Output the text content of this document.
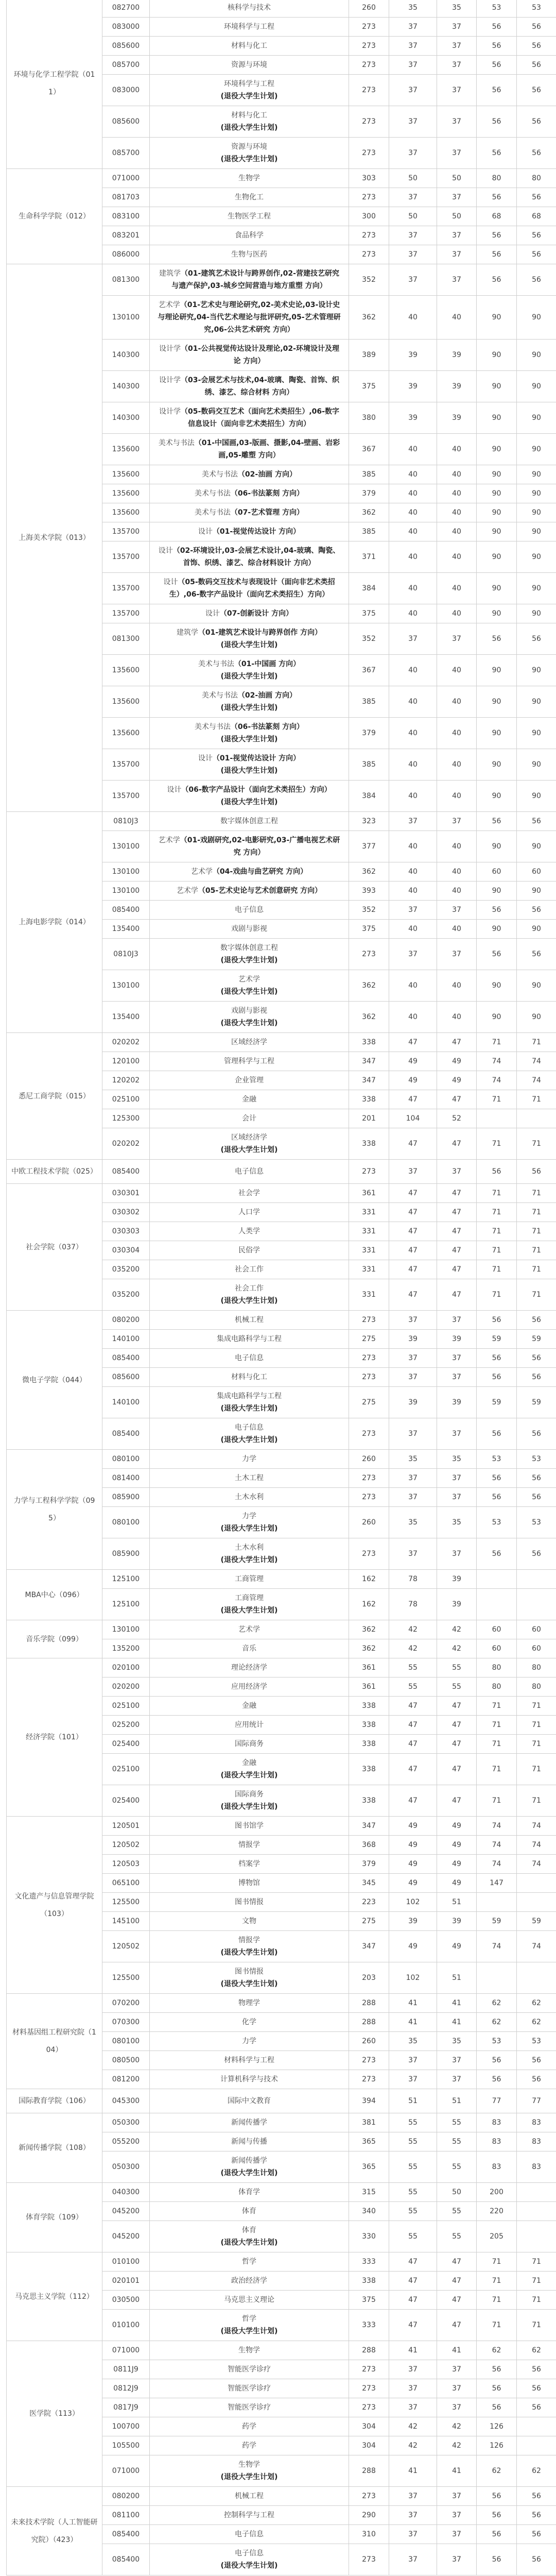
环境与化学工程学院（011）	082700	核科学与技术	260	35	35	53	53
083000	环境科学与工程	273	37	37	56	56
085600	材料与化工	273	37	37	56	56
085700	资源与环境	273	37	37	56	56
083000	环境科学与工程
(退役大学生计划)	273	37	37	56	56
085600	材料与化工
(退役大学生计划)	273	37	37	56	56
085700	资源与环境
(退役大学生计划)	273	37	37	56	56
生命科学学院（012）	071000	生物学	303	50	50	80	80
081703	生物化工	273	37	37	56	56
083100	生物医学工程	300	50	50	68	68
083201	食品科学	273	37	37	56	56
086000	生物与医药	273	37	37	56	56
上海美术学院（013）	081300	建筑学（01-建筑艺术设计与跨界创作,02-营建技艺研究与遗产保护,03-城乡空间营造与地方重塑 方向）	352	37	37	56	56
130100	艺术学（01-艺术史与理论研究,02-美术史论,03-设计史与理论研究,04-当代艺术理论与批评研究,05-艺术管理研究,06-公共艺术研究 方向）	362	40	40	90	90
140300	设计学（01-公共视觉传达设计及理论,02-环境设计及理论 方向）	389	39	39	90	90
140300	设计学（03-会展艺术与技术,04-玻璃、陶瓷、首饰、织绣、漆艺、综合材料 方向）	375	39	39	90	90
140300	设计学（05-数码交互艺术（面向艺术类招生）,06-数字信息设计（面向非艺术类招生）方向）	380	39	39	90	90
135600	美术与书法（01-中国画,03-版画、摄影,04-壁画、岩彩画,05-雕塑 方向）	367	40	40	90	90
135600	美术与书法（02-油画 方向）	385	40	40	90	90
135600	美术与书法（06-书法篆刻 方向）	379	40	40	90	90
135600	美术与书法（07-艺术管理 方向）	362	40	40	90	90
135700	设计（01-视觉传达设计 方向）	385	40	40	90	90
135700	设计（02-环境设计,03-会展艺术设计,04-玻璃、陶瓷、首饰、织绣、漆艺、综合材料设计 方向）	371	40	40	90	90
135700	设计（05-数码交互技术与表现设计（面向非艺术类招生）,06-数字产品设计（面向艺术类招生）方向）	384	40	40	90	90
135700	设计（07-创新设计 方向）	375	40	40	90	90
081300	建筑学（01-建筑艺术设计与跨界创作 方向）
(退役大学生计划)	352	37	37	56	56
135600	美术与书法（01-中国画 方向）
(退役大学生计划)	367	40	40	90	90
135600	美术与书法（02-油画 方向）
(退役大学生计划)	385	40	40	90	90
135600	美术与书法（06-书法篆刻 方向）
(退役大学生计划)	379	40	40	90	90
135700	设计（01-视觉传达设计 方向）
(退役大学生计划)	385	40	40	90	90
135700	设计（06-数字产品设计（面向艺术类招生）方向）
(退役大学生计划)	384	40	40	90	90
上海电影学院（014）	0810J3	数字媒体创意工程	323	37	37	56	56
130100	艺术学（01-戏剧研究,02-电影研究,03-广播电视艺术研究 方向）	377	40	40	90	90
130100	艺术学（04-戏曲与曲艺研究 方向）	362	40	40	60	60
130100	艺术学（05-艺术史论与艺术创意研究 方向）	393	40	40	90	90
085400	电子信息	352	37	37	56	56
135400	戏剧与影视	375	40	40	90	90
0810J3	数字媒体创意工程
(退役大学生计划)	273	37	37	56	56
130100	艺术学
(退役大学生计划)	362	40	40	90	90
135400	戏剧与影视
(退役大学生计划)	362	40	40	90	90
悉尼工商学院（015）	020202	区域经济学	338	47	47	71	71
120100	管理科学与工程	347	49	49	74	74
120202	企业管理	347	49	49	74	74
025100	金融	338	47	47	71	71
125300	会计	201	104	52		
020202	区域经济学
(退役大学生计划)	338	47	47	71	71
中欧工程技术学院（025）	085400	电子信息	273	37	37	56	56
社会学院（037）	030301	社会学	361	47	47	71	71
030302	人口学	331	47	47	71	71
030303	人类学	331	47	47	71	71
030304	民俗学	331	47	47	71	71
035200	社会工作	331	47	47	71	71
035200	社会工作
(退役大学生计划)	331	47	47	71	71
微电子学院（044）	080200	机械工程	273	37	37	56	56
140100	集成电路科学与工程	275	39	39	59	59
085400	电子信息	273	37	37	56	56
085600	材料与化工	273	37	37	56	56
140100	集成电路科学与工程
(退役大学生计划)	275	39	39	59	59
085400	电子信息
(退役大学生计划)	273	37	37	56	56
力学与工程科学学院（095）	080100	力学	260	35	35	53	53
081400	土木工程	273	37	37	56	56
085900	土木水利	273	37	37	56	56
080100	力学
(退役大学生计划)	260	35	35	53	53
085900	土木水利
(退役大学生计划)	273	37	37	56	56
MBA中心（096）	125100	工商管理	162	78	39		
125100	工商管理
(退役大学生计划)	162	78	39		
音乐学院（099）	130100	艺术学	362	42	42	60	60
135200	音乐	362	42	42	60	60
经济学院（101）	020100	理论经济学	361	55	55	80	80
020200	应用经济学	361	55	55	80	80
025100	金融	338	47	47	71	71
025200	应用统计	338	47	47	71	71
025400	国际商务	338	47	47	71	71
025100	金融
(退役大学生计划)	338	47	47	71	71
025400	国际商务
(退役大学生计划)	338	47	47	71	71
文化遗产与信息管理学院（103）	120501	图书馆学	347	49	49	74	74
120502	情报学	368	49	49	74	74
120503	档案学	379	49	49	74	74
065100	博物馆	345	49	49	147	
125500	图书情报	223	102	51		
145100	文物	275	39	39	59	59
120502	情报学
(退役大学生计划)	347	49	49	74	74
125500	图书情报
(退役大学生计划)	203	102	51		
材料基因组工程研究院（104）	070200	物理学	288	41	41	62	62
070300	化学	288	41	41	62	62
080100	力学	260	35	35	53	53
080500	材料科学与工程	273	37	37	56	56
081200	计算机科学与技术	273	37	37	56	56
国际教育学院（106）	045300	国际中文教育	394	51	51	77	77
新闻传播学院（108）	050300	新闻传播学	381	55	55	83	83
055200	新闻与传播	365	55	55	83	83
050300	新闻传播学
(退役大学生计划)	365	55	55	83	83
体育学院（109）	040300	体育学	315	55	50	200	
045200	体育	340	55	55	220	
045200	体育
(退役大学生计划)	330	55	55	205	
马克思主义学院（112）	010100	哲学	333	47	47	71	71
020101	政治经济学	338	47	47	71	71
030500	马克思主义理论	375	47	47	71	71
010100	哲学
(退役大学生计划)	333	47	47	71	71
医学院（113）	071000	生物学	288	41	41	62	62
0811J9	智能医学诊疗	273	37	37	56	56
0812J9	智能医学诊疗	273	37	37	56	56
0817J9	智能医学诊疗	273	37	37	56	56
100700	药学	304	42	42	126	
105500	药学	304	42	42	126	
071000	生物学
(退役大学生计划)	288	41	41	62	62
未来技术学院（人工智能研究院）（423）	080200	机械工程	273	37	37	56	56
081100	控制科学与工程	290	37	37	56	56
085400	电子信息	310	37	37	56	56
085400	电子信息
(退役大学生计划)	273	37	37	56	56
